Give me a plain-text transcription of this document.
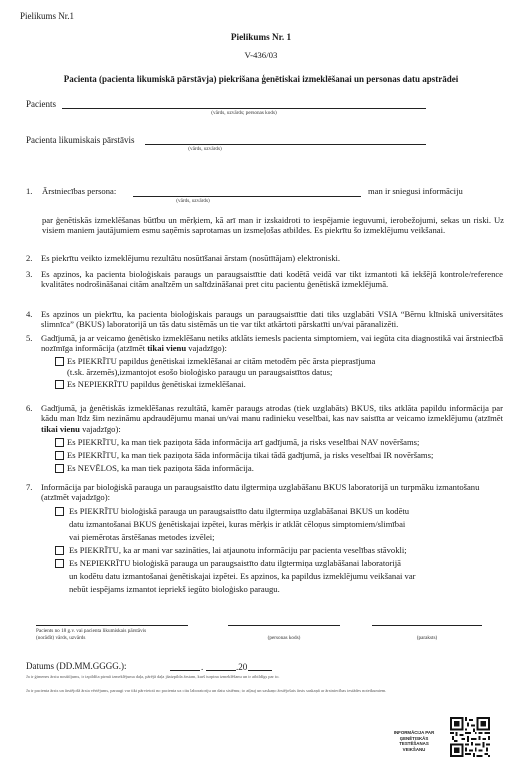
Pielikums Nr.1
Pielikums Nr. 1
V-436/03
Pacienta (pacienta likumiskā pārstāvja) piekrišana ģenētiskai izmeklēšanai un personas datu apstrādei
Pacients
(vārds, uzvārds; personas kods)
Pacienta likumiskais pārstāvis
(vārds, uzvārds)
1. Ārstniecības persona:	man ir sniegusi informāciju
(vārds, uzvārds)
par ģenētiskās izmeklēšanas būtību un mērķiem, kā arī man ir izskaidroti to iespējamie ieguvumi, ierobežojumi, sekas un riski. Uz visiem maniem jautājumiem esmu saņēmis saprotamas un izsmeļošas atbildes. Es piekrītu šo izmeklējumu veikšanai.
2. Es piekrītu veikto izmeklējumu rezultātu nosūtīšanai ārstam (nosūtītājam) elektroniski.
3. Es apzinos, ka pacienta bioloģiskais paraugs un paraugsaistītie dati kodētā veidā var tikt izmantoti kā iekšējā kontrole/reference kvalitātes nodrošināšanai citām analīzēm un salīdzināšanai pret citu pacientu ģenētiskā izmeklējumā.
4. Es apzinos un piekrītu, ka pacienta bioloģiskais paraugs un paraugsaistītie dati tiks uzglabāti VSIA “Bērnu klīniskā universitātes slimnīca” (BKUS) laboratorijā un tās datu sistēmās un tie var tikt atkārtoti pārskatīti un/vai pāranalizēti.
5. Gadījumā, ja ar veicamo ģenētisko izmeklēšanu netiks atklāts iemesls pacienta simptomiem, vai iegūta cita diagnostikā vai ārstniecībā nozīmīga informācija (atzīmēt tikai vienu vajadzīgo):
Es PIEKRĪTU papildus ģenētiskai izmeklēšanai ar citām metodēm pēc ārsta pieprasījuma
(t.sk. ārzemēs),izmantojot esošo bioloģisko paraugu un paraugsaistītos datus;
Es NEPIEKRĪTU papildus ģenētiskai izmeklēšanai.
6. Gadījumā, ja ģenētiskās izmeklēšanas rezultātā, kamēr paraugs atrodas (tiek uzglabāts) BKUS, tiks atklāta papildu informācija par kādu man līdz šim nezināmu apdraudējumu manai un/vai manu radinieku veselībai, kas nav saistīta ar veicamo izmeklējumu (atzīmēt tikai vienu vajadzīgo):
Es PIEKRĪTU, ka man tiek paziņota šāda informācija arī gadījumā, ja risks veselībai NAV novēršams;
Es PIEKRĪTU, ka man tiek paziņota šāda informācija tikai tādā gadījumā, ja risks veselībai IR novēršams;
Es NEVĒLOS, ka man tiek paziņota šāda informācija.
7. Informācija par bioloģiskā parauga un paraugsaistīto datu ilgtermiņa uzglabāšanu BKUS laboratorijā un turpmāku izmantošanu (atzīmēt vajadzīgo):
Es PIEKRĪTU bioloģiskā parauga un paraugsaistīto datu ilgtermiņa uzglabāšanai BKUS un kodētu
datu izmantošanai BKUS ģenētiskajai izpētei, kuras mērķis ir atklāt cēloņus simptomiem/slimībai
vai piemērotas ārstēšanas metodes izvēlei;
Es PIEKRĪTU, ka ar mani var sazināties, lai atjaunotu informāciju par pacienta veselības stāvokli;
Es NEPIEKRĪTU bioloģiskā parauga un paraugsaistīto datu ilgtermiņa uzglabāšanai laboratorijā
un kodētu datu izmantošanai ģenētiskajai izpētei. Es apzinos, ka papildus izmeklējumu veikšanai var
nebūt iespējams izmantot iepriekš iegūto bioloģisko paraugu.
Pacients no 18 g.v. vai pacienta likumiskais pārstāvis
(norādīt) vārds, uzvārds	(personas kods)	(paraksts)
Datums (DD.MM.GGGG.):	.	.20
Ja ir ģimenes ārstu nosūtījums, ir izpildīta pirmā izmeklējuma daļa, pārējā daļa jāaizpilda ārstam, kurš turpina izmeklēšanu un ir atbildīgs par to.
Ja ir pacienta ārsts un ārstējošā ārsta vērtējums, paraugi var tikt pārvietoti no pacienta uz citu laboratoriju un datu sistēmu; to atļauj un saskaņo ārstējošais ārsts saskaņā ar ārstniecības iestādes noteikumiem.
INFORMĀCIJA PAR
ĢENĒTISKĀS
TESTĒŠANAS
VEIKŠANU
